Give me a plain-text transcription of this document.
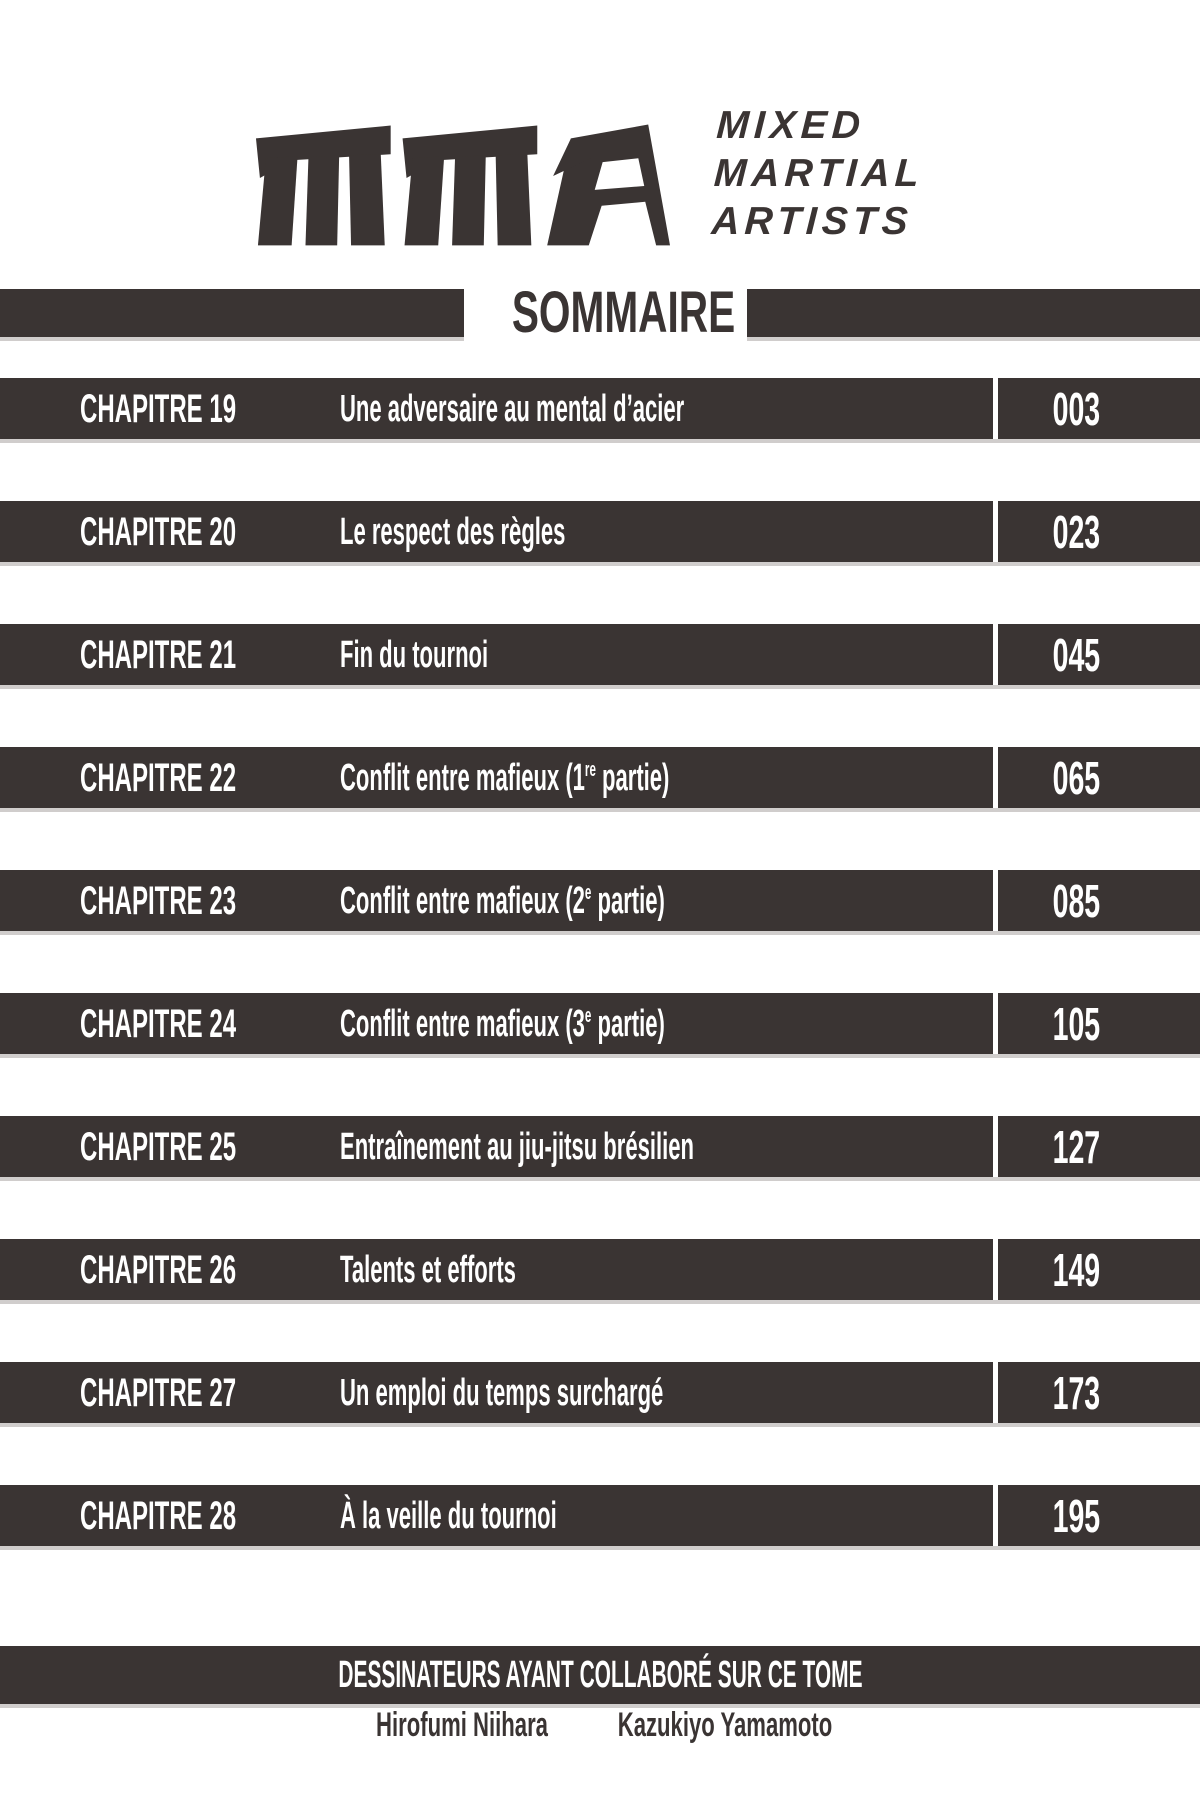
MIXED
MARTIAL
ARTISTS
SOMMAIRE
CHAPITRE 19	Une adversaire au mental d’acier	003
CHAPITRE 20	Le respect des règles	023
CHAPITRE 21	Fin du tournoi	045
CHAPITRE 22	Conflit entre mafieux (1re partie)	065
CHAPITRE 23	Conflit entre mafieux (2e partie)	085
CHAPITRE 24	Conflit entre mafieux (3e partie)	105
CHAPITRE 25	Entraînement au jiu-jitsu brésilien	127
CHAPITRE 26	Talents et efforts	149
CHAPITRE 27	Un emploi du temps surchargé	173
CHAPITRE 28	À la veille du tournoi	195
DESSINATEURS AYANT COLLABORÉ SUR CE TOME
Hirofumi Niihara Kazukiyo Yamamoto
